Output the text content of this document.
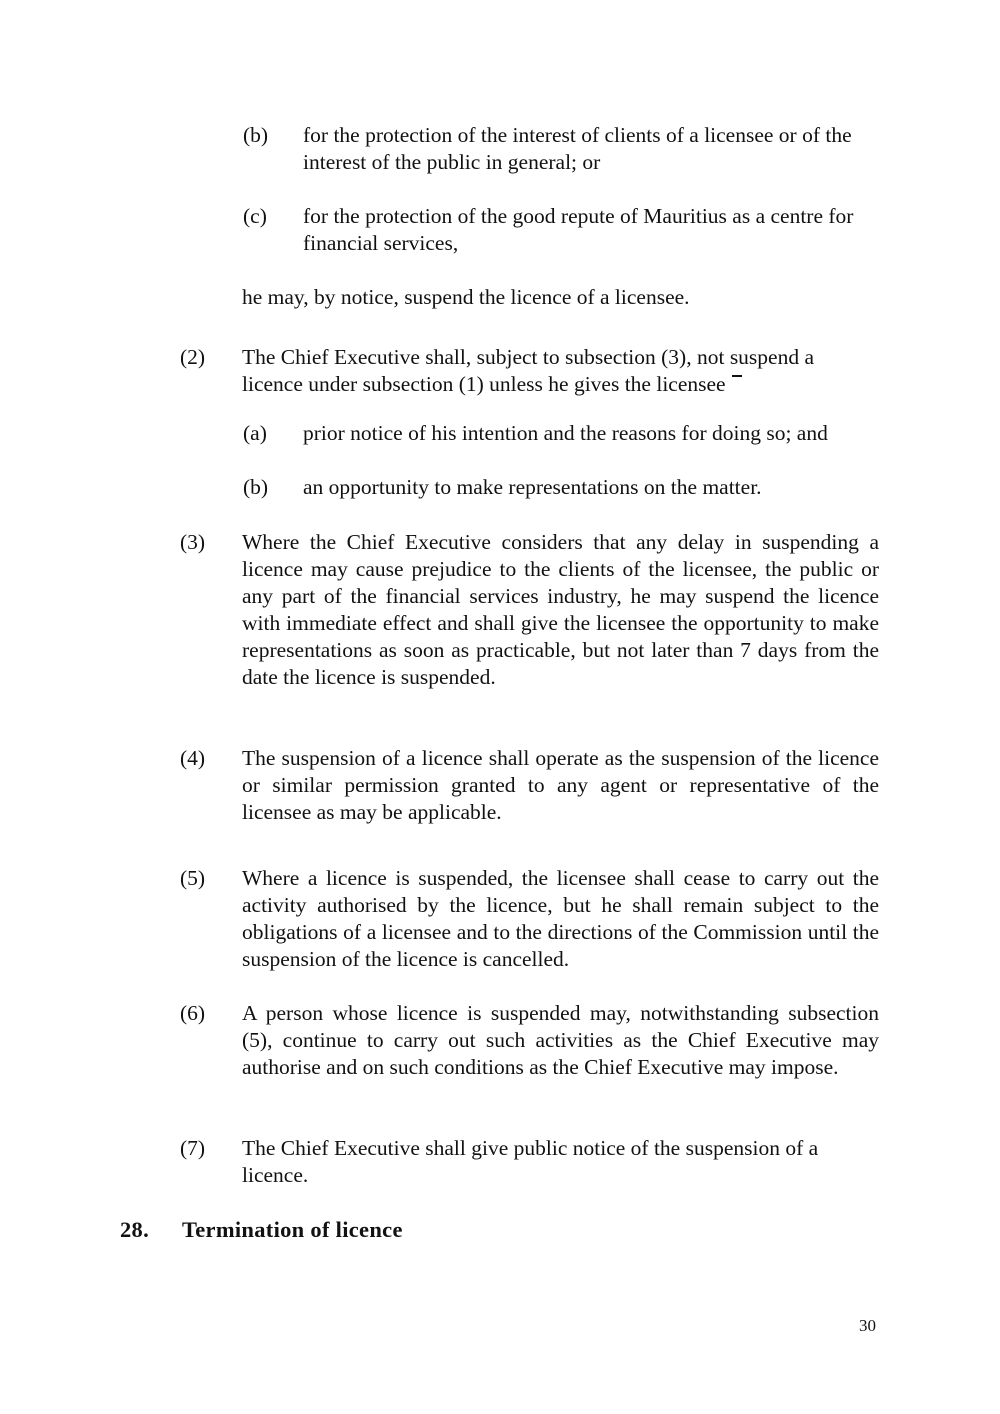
(b) for the protection of the interest of clients of a licensee or of the interest of the public in general; or
(c) for the protection of the good repute of Mauritius as a centre for financial services,
he may, by notice, suspend the licence of a licensee.
(2) The Chief Executive shall, subject to subsection (3), not suspend a licence under subsection (1) unless he gives the licensee
(a) prior notice of his intention and the reasons for doing so; and
(b) an opportunity to make representations on the matter.
(3) Where the Chief Executive considers that any delay in suspending a licence may cause prejudice to the clients of the licensee, the public or any part of the financial services industry, he may suspend the licence with immediate effect and shall give the licensee the opportunity to make representations as soon as practicable, but not later than 7 days from the date the licence is suspended.
(4) The suspension of a licence shall operate as the suspension of the licence or similar permission granted to any agent or representative of the licensee as may be applicable.
(5) Where a licence is suspended, the licensee shall cease to carry out the activity authorised by the licence, but he shall remain subject to the obligations of a licensee and to the directions of the Commission until the suspension of the licence is cancelled.
(6) A person whose licence is suspended may, notwithstanding subsection (5), continue to carry out such activities as the Chief Executive may authorise and on such conditions as the Chief Executive may impose.
(7) The Chief Executive shall give public notice of the suspension of a licence.
28. Termination of licence
30
